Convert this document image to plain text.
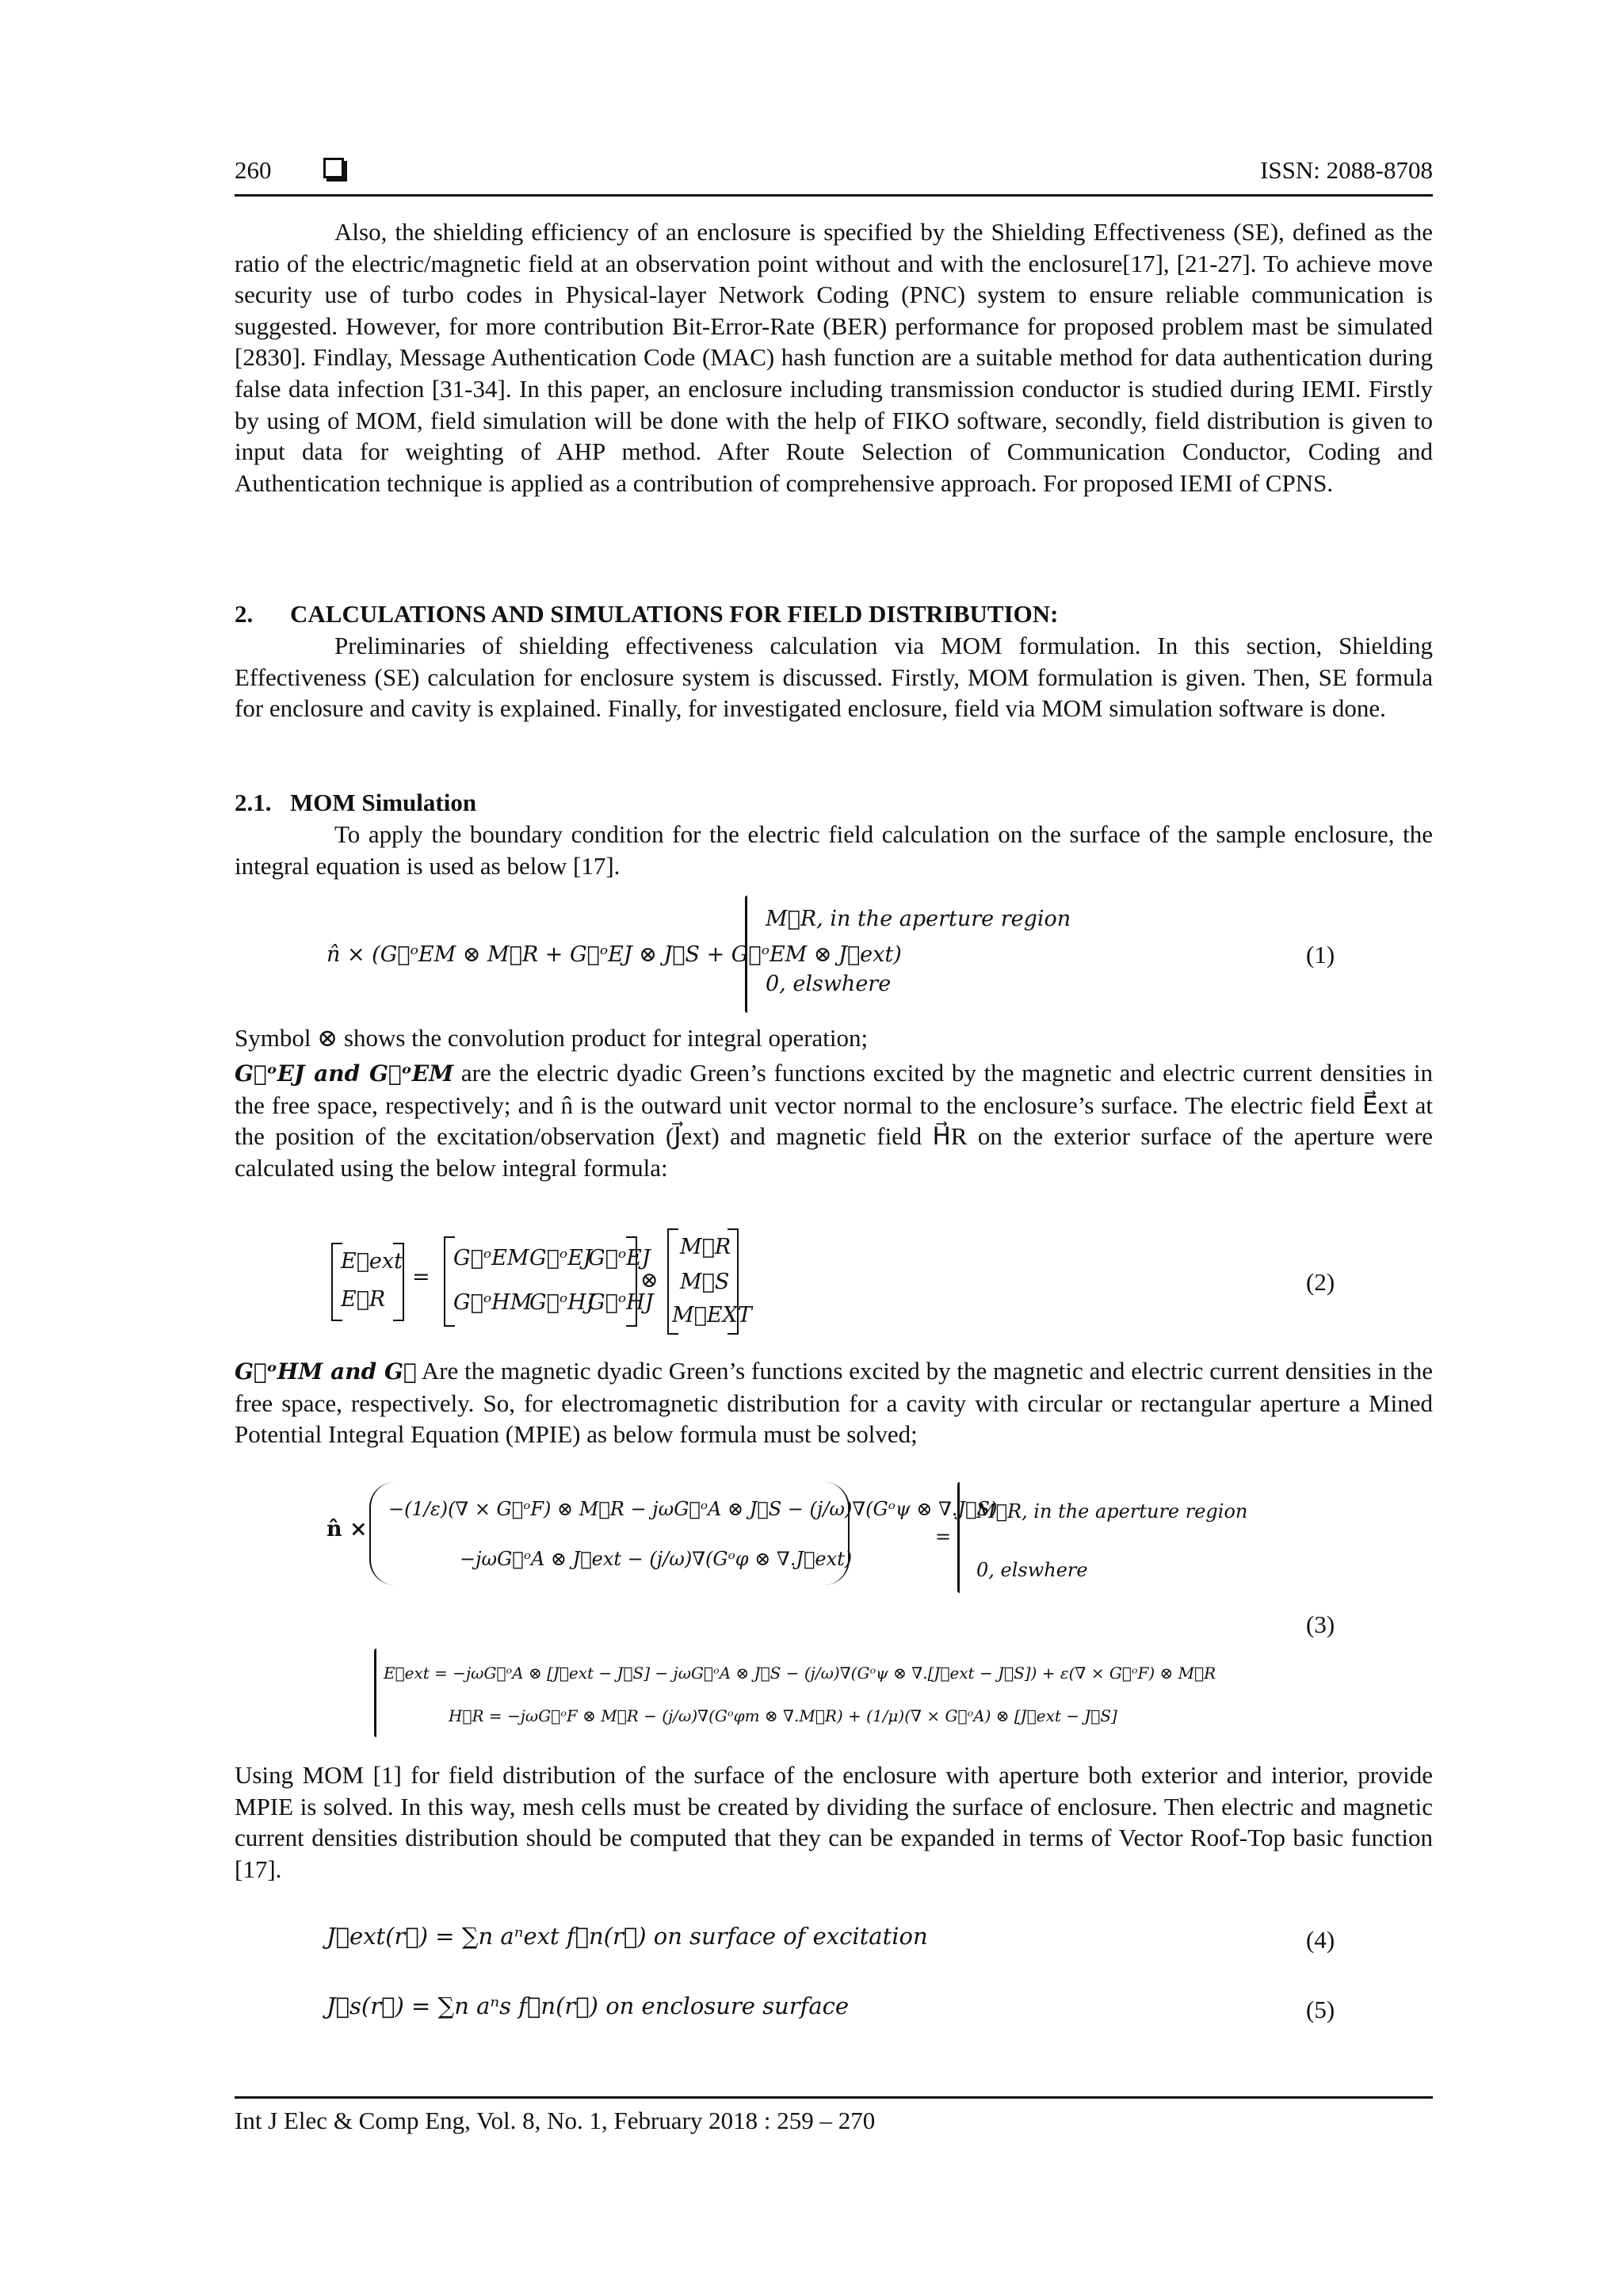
260	ISSN: 2088-8708

Also, the shielding efficiency of an enclosure is specified by the Shielding Effectiveness (SE), defined as the ratio of the electric/magnetic field at an observation point without and with the enclosure[17], [21-27]. To achieve move security use of turbo codes in Physical-layer Network Coding (PNC) system to ensure reliable communication is suggested. However, for more contribution Bit-Error-Rate (BER) performance for proposed problem mast be simulated [2830]. Findlay, Message Authentication Code (MAC) hash function are a suitable method for data authentication during false data infection [31-34]. In this paper, an enclosure including transmission conductor is studied during IEMI. Firstly by using of MOM, field simulation will be done with the help of FIKO software, secondly, field distribution is given to input data for weighting of AHP method. After Route Selection of Communication Conductor, Coding and Authentication technique is applied as a contribution of comprehensive approach. For proposed IEMI of CPNS.

2. CALCULATIONS AND SIMULATIONS FOR FIELD DISTRIBUTION:

Preliminaries of shielding effectiveness calculation via MOM formulation. In this section, Shielding Effectiveness (SE) calculation for enclosure system is discussed. Firstly, MOM formulation is given. Then, SE formula for enclosure and cavity is explained. Finally, for investigated enclosure, field via MOM simulation software is done.

2.1. MOM Simulation

To apply the boundary condition for the electric field calculation on the surface of the sample enclosure, the integral equation is used as below [17].

n̂ × (G⃡ᵒEM ⊗ M⃗R + G⃡ᵒEJ ⊗ J⃗S + G⃡ᵒEM ⊗ J⃗ext)
M⃗R, in the aperture region
0, elswhere
(1)

Symbol ⊗ shows the convolution product for integral operation;

G⃡ᵒEJ and G⃡ᵒEM are the electric dyadic Green’s functions excited by the magnetic and electric current densities in the free space, respectively; and n̂ is the outward unit vector normal to the enclosure’s surface. The electric field E⃗ext at the position of the excitation/observation (J⃗ext) and magnetic field H⃗R on the exterior surface of the aperture were calculated using the below integral formula:

E⃗ext
E⃗R
=
G⃡ᵒEM G⃡ᵒEJ
G⃡ᵒEJ
G⃡ᵒHM
G⃡ᵒHJ
G⃡ᵒHJ
⊗
M⃗R
M⃗S
M⃗EXT
(2)

G⃡ᵒHM and G⃡ Are the magnetic dyadic Green’s functions excited by the magnetic and electric current densities in the free space, respectively. So, for electromagnetic distribution for a cavity with circular or rectangular aperture a Mined Potential Integral Equation (MPIE) as below formula must be solved;

n̂ ×
−(1/ε)(∇ × G⃡ᵒF) ⊗ M⃗R − jωG⃡ᵒA ⊗ J⃗S − (j/ω)∇(Gᵒψ ⊗ ∇.J⃗S)
−jωG⃡ᵒA ⊗ J⃗ext − (j/ω)∇(Gᵒφ ⊗ ∇.J⃗ext)
=
M⃗R, in the aperture region
0, elswhere
(3)
E⃗ext = −jωG⃡ᵒA ⊗ [J⃗ext − J⃗S] − jωG⃡ᵒA ⊗ J⃗S − (j/ω)∇(Gᵒψ ⊗ ∇.[J⃗ext − J⃗S]) + ε(∇ × G⃡ᵒF) ⊗ M⃗R
H⃗R = −jωG⃡ᵒF ⊗ M⃗R − (j/ω)∇(Gᵒφm ⊗ ∇.M⃗R) + (1/μ)(∇ × G⃡ᵒA) ⊗ [J⃗ext − J⃗S]

Using MOM [1] for field distribution of the surface of the enclosure with aperture both exterior and interior, provide MPIE is solved. In this way, mesh cells must be created by dividing the surface of enclosure. Then electric and magnetic current densities distribution should be computed that they can be expanded in terms of Vector Roof-Top basic function [17].

J⃗ext(r⃗) = ∑n aⁿext f⃗n(r⃗) on surface of excitation	(4)
J⃗s(r⃗) = ∑n aⁿs f⃗n(r⃗) on enclosure surface	(5)
Int J Elec & Comp Eng, Vol. 8, No. 1, February 2018 : 259 – 270
